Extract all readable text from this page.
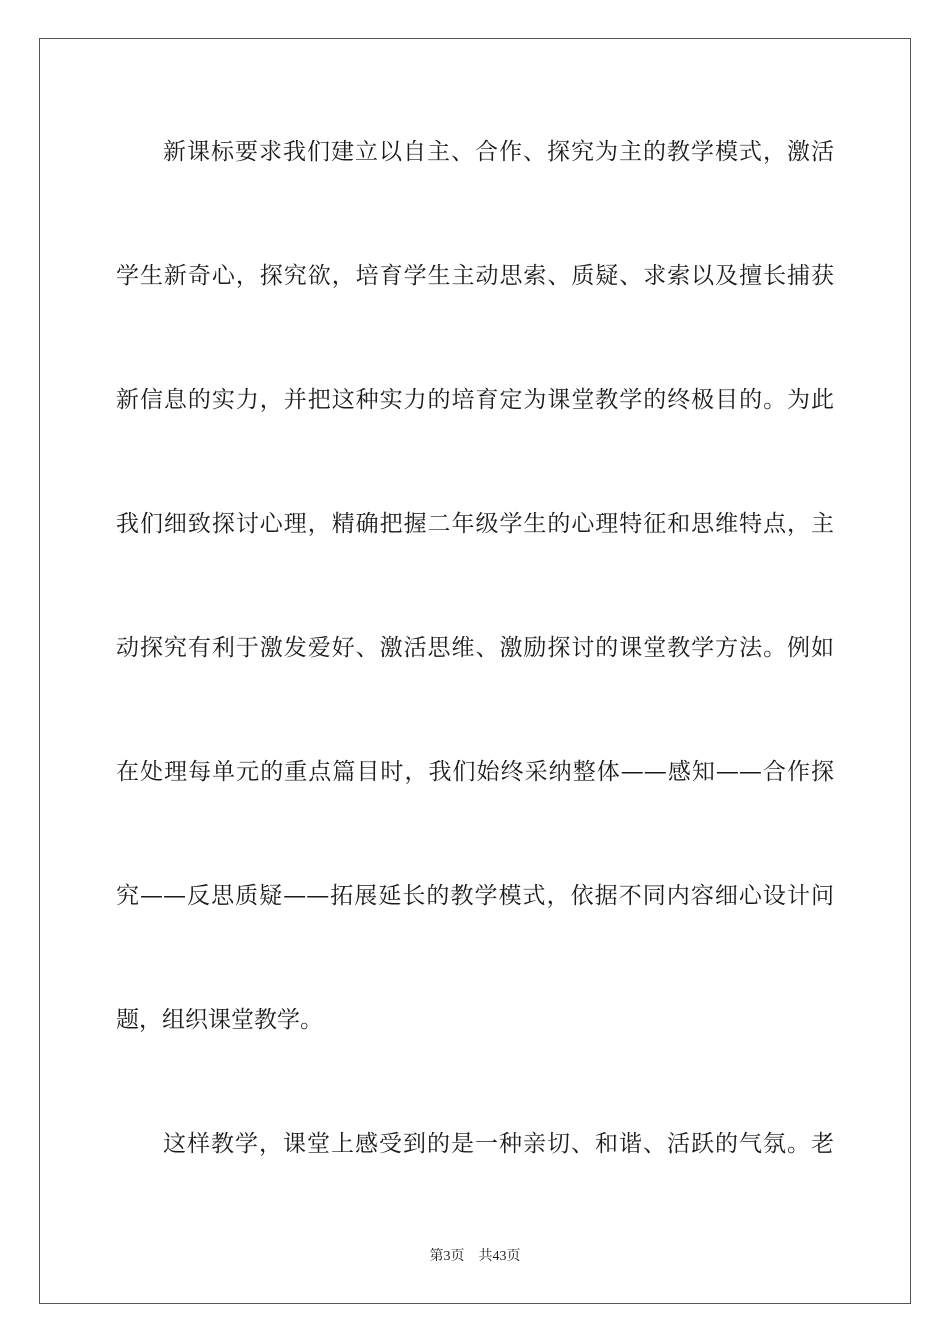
新课标要求我们建立以自主、合作、探究为主的教学模式，激活
学生新奇心，探究欲，培育学生主动思索、质疑、求索以及擅长捕获
新信息的实力，并把这种实力的培育定为课堂教学的终极目的。为此
我们细致探讨心理，精确把握二年级学生的心理特征和思维特点，主
动探究有利于激发爱好、激活思维、激励探讨的课堂教学方法。例如
在处理每单元的重点篇目时，我们始终采纳整体——感知——合作探
究——反思质疑——拓展延长的教学模式，依据不同内容细心设计问
题，组织课堂教学。
这样教学，课堂上感受到的是一种亲切、和谐、活跃的气氛。老
第3页 共43页
